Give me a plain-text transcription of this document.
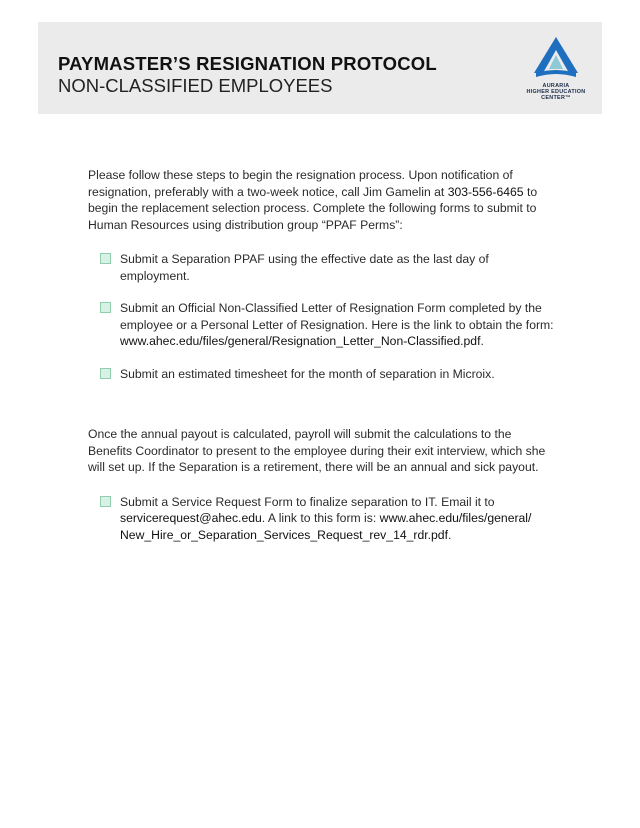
PAYMASTER’S RESIGNATION PROTOCOL
NON-CLASSIFIED EMPLOYEES	AURARIA
HIGHER EDUCATION
CENTER™

Please follow these steps to begin the resignation process. Upon notification of resignation, preferably with a two-week notice, call Jim Gamelin at 303-556-6465 to begin the replacement selection process. Complete the following forms to submit to Human Resources using distribution group “PPAF Perms”:

Submit a Separation PPAF using the effective date as the last day of employment.
Submit an Official Non-Classified Letter of Resignation Form completed by the employee or a Personal Letter of Resignation. Here is the link to obtain the form: www.ahec.edu/files/general/Resignation_Letter_Non-Classified.pdf.
Submit an estimated timesheet for the month of separation in Microix.

Once the annual payout is calculated, payroll will submit the calculations to the Benefits Coordinator to present to the employee during their exit interview, which she will set up. If the Separation is a retirement, there will be an annual and sick payout.

Submit a Service Request Form to finalize separation to IT. Email it to servicerequest@ahec.edu. A link to this form is: www.ahec.edu/files/general/New_Hire_or_Separation_Services_Request_rev_14_rdr.pdf.
